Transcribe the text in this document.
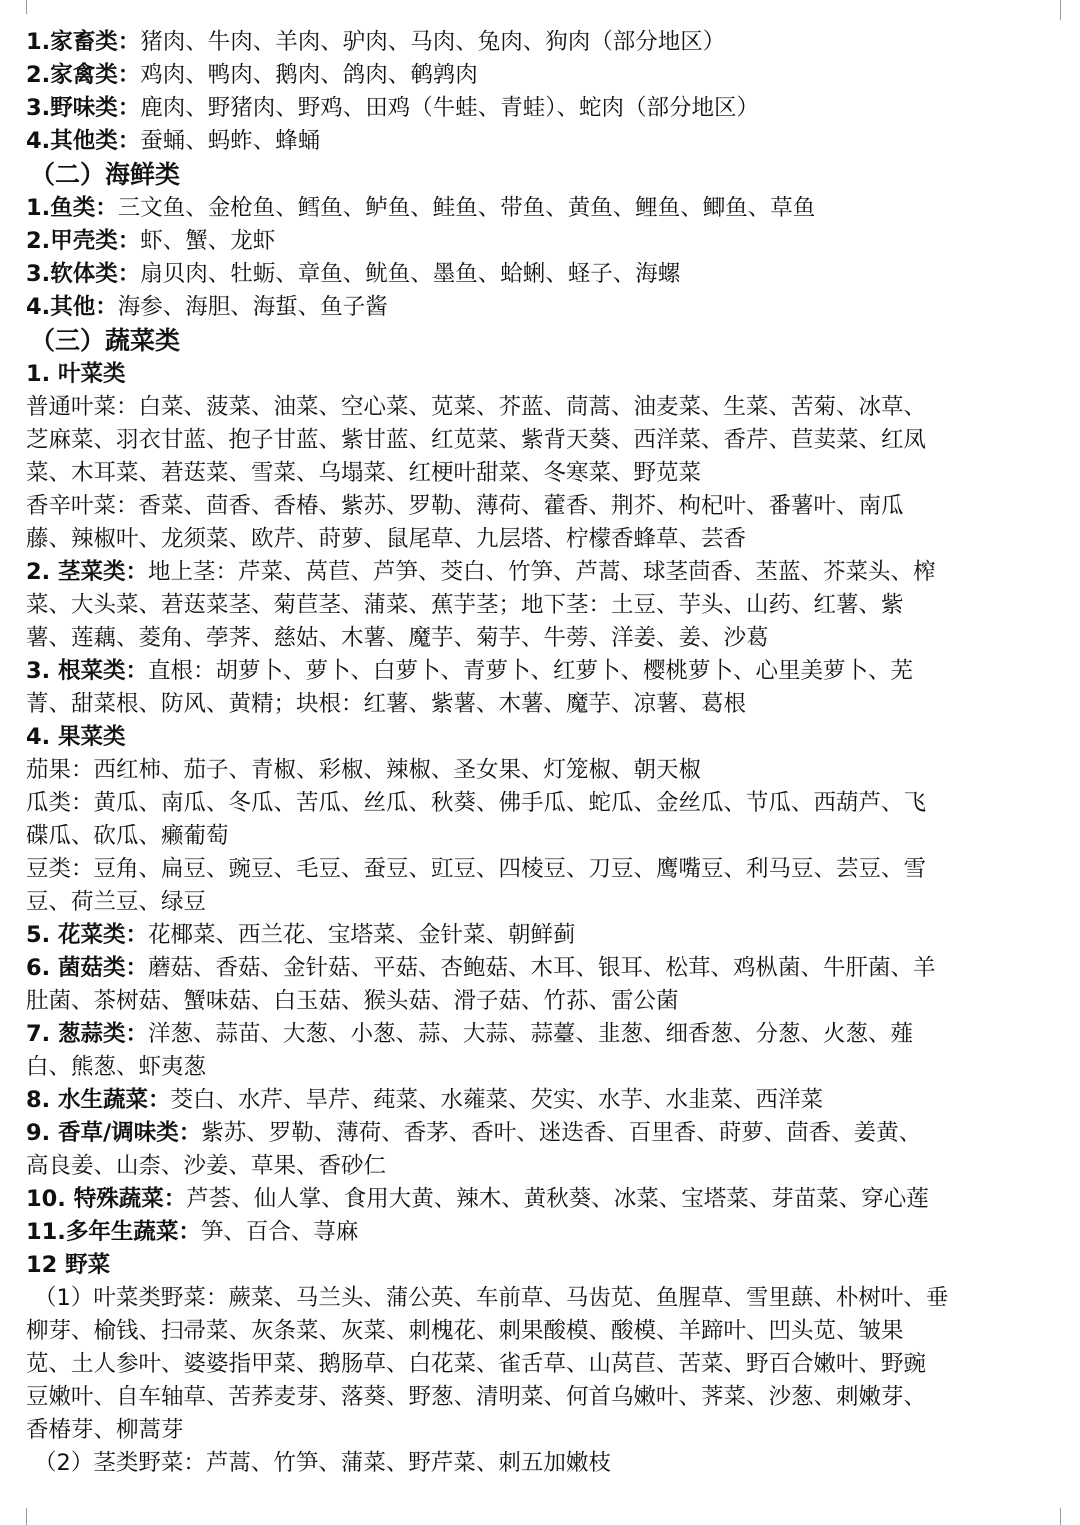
1.家畜类：猪肉、牛肉、羊肉、驴肉、马肉、兔肉、狗肉（部分地区）
2.家禽类：鸡肉、鸭肉、鹅肉、鸽肉、鹌鹑肉
3.野味类：鹿肉、野猪肉、野鸡、田鸡（牛蛙、青蛙）、蛇肉（部分地区）
4.其他类：蚕蛹、蚂蚱、蜂蛹
（二）海鲜类
1.鱼类：三文鱼、金枪鱼、鳕鱼、鲈鱼、鲑鱼、带鱼、黄鱼、鲤鱼、鲫鱼、草鱼
2.甲壳类：虾、蟹、龙虾
3.软体类：扇贝肉、牡蛎、章鱼、鱿鱼、墨鱼、蛤蜊、蛏子、海螺
4.其他：海参、海胆、海蜇、鱼子酱
（三）蔬菜类
1. 叶菜类
普通叶菜：白菜、菠菜、油菜、空心菜、苋菜、芥蓝、茼蒿、油麦菜、生菜、苦菊、冰草、
芝麻菜、羽衣甘蓝、抱子甘蓝、紫甘蓝、红苋菜、紫背天葵、西洋菜、香芹、苣荬菜、红凤
菜、木耳菜、莙荙菜、雪菜、乌塌菜、红梗叶甜菜、冬寒菜、野苋菜
香辛叶菜：香菜、茴香、香椿、紫苏、罗勒、薄荷、藿香、荆芥、枸杞叶、番薯叶、南瓜
藤、辣椒叶、龙须菜、欧芹、莳萝、鼠尾草、九层塔、柠檬香蜂草、芸香
2. 茎菜类：地上茎：芹菜、莴苣、芦笋、茭白、竹笋、芦蒿、球茎茴香、苤蓝、芥菜头、榨
菜、大头菜、莙荙菜茎、菊苣茎、蒲菜、蕉芋茎；地下茎：土豆、芋头、山药、红薯、紫
薯、莲藕、菱角、荸荠、慈姑、木薯、魔芋、菊芋、牛蒡、洋姜、姜、沙葛
3. 根菜类：直根：胡萝卜、萝卜、白萝卜、青萝卜、红萝卜、樱桃萝卜、心里美萝卜、芜
菁、甜菜根、防风、黄精；块根：红薯、紫薯、木薯、魔芋、凉薯、葛根
4. 果菜类
茄果：西红柿、茄子、青椒、彩椒、辣椒、圣女果、灯笼椒、朝天椒
瓜类：黄瓜、南瓜、冬瓜、苦瓜、丝瓜、秋葵、佛手瓜、蛇瓜、金丝瓜、节瓜、西葫芦、飞
碟瓜、砍瓜、癞葡萄
豆类：豆角、扁豆、豌豆、毛豆、蚕豆、豇豆、四棱豆、刀豆、鹰嘴豆、利马豆、芸豆、雪
豆、荷兰豆、绿豆
5. 花菜类：花椰菜、西兰花、宝塔菜、金针菜、朝鲜蓟
6. 菌菇类：蘑菇、香菇、金针菇、平菇、杏鲍菇、木耳、银耳、松茸、鸡枞菌、牛肝菌、羊
肚菌、茶树菇、蟹味菇、白玉菇、猴头菇、滑子菇、竹荪、雷公菌
7. 葱蒜类：洋葱、蒜苗、大葱、小葱、蒜、大蒜、蒜薹、韭葱、细香葱、分葱、火葱、薤
白、熊葱、虾夷葱
8. 水生蔬菜：茭白、水芹、旱芹、莼菜、水蕹菜、芡实、水芋、水韭菜、西洋菜
9. 香草/调味类：紫苏、罗勒、薄荷、香茅、香叶、迷迭香、百里香、莳萝、茴香、姜黄、
高良姜、山柰、沙姜、草果、香砂仁
10. 特殊蔬菜：芦荟、仙人掌、食用大黄、辣木、黄秋葵、冰菜、宝塔菜、芽苗菜、穿心莲
11.多年生蔬菜：笋、百合、荨麻
12 野菜
（1）叶菜类野菜：蕨菜、马兰头、蒲公英、车前草、马齿苋、鱼腥草、雪里蕻、朴树叶、垂
柳芽、榆钱、扫帚菜、灰条菜、灰菜、刺槐花、刺果酸模、酸模、羊蹄叶、凹头苋、皱果
苋、土人参叶、婆婆指甲菜、鹅肠草、白花菜、雀舌草、山莴苣、苦菜、野百合嫩叶、野豌
豆嫩叶、自车轴草、苦荞麦芽、落葵、野葱、清明菜、何首乌嫩叶、荠菜、沙葱、刺嫩芽、
香椿芽、柳蒿芽
（2）茎类野菜：芦蒿、竹笋、蒲菜、野芹菜、刺五加嫩枝
